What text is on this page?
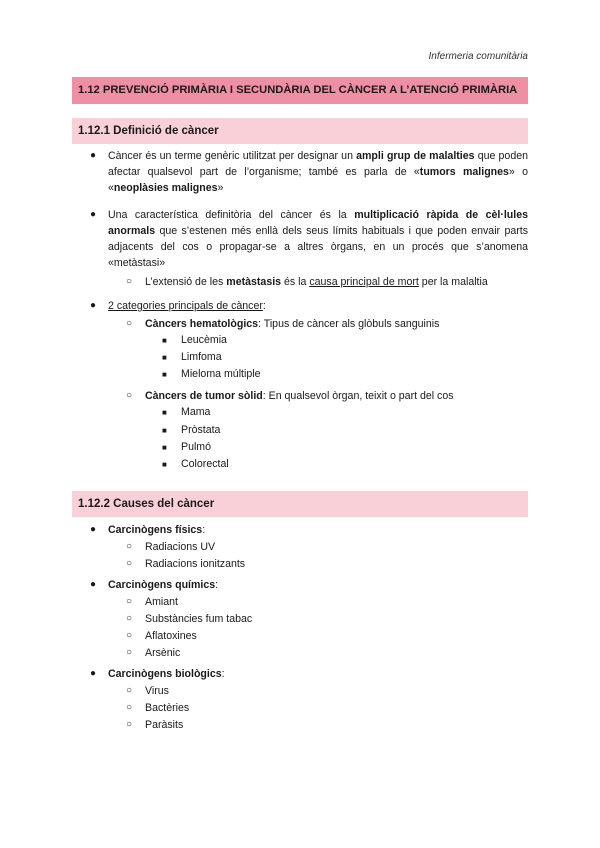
Infermeria comunitària
1.12 PREVENCIÓ PRIMÀRIA I SECUNDÀRIA DEL CÀNCER A L’ATENCIÓ PRIMÀRIA
1.12.1 Definició de càncer
● Càncer és un terme genèric utilitzat per designar un ampli grup de malalties que poden afectar qualsevol part de l’organisme; també es parla de «tumors malignes» o «neoplàsies malignes»
● Una característica definitòria del càncer és la multiplicació ràpida de cèl·lules anormals que s’estenen més enllà dels seus límits habituals i que poden envair parts adjacents del cos o propagar-se a altres òrgans, en un procés que s’anomena «metàstasi»
○ L’extensió de les metàstasis és la causa principal de mort per la malaltia
● 2 categories principals de càncer:
○ Càncers hematològics: Tipus de càncer als glòbuls sanguinis
■ Leucèmia
■ Limfoma
■ Mieloma múltiple
○ Càncers de tumor sòlid: En qualsevol òrgan, teixit o part del cos
■ Mama
■ Pròstata
■ Pulmó
■ Colorectal
1.12.2 Causes del càncer
● Carcinògens físics:
○ Radiacions UV
○ Radiacions ionitzants
● Carcinògens químics:
○ Amiant
○ Substàncies fum tabac
○ Aflatoxines
○ Arsènic
● Carcinògens biològics:
○ Virus
○ Bactèries
○ Paràsits
